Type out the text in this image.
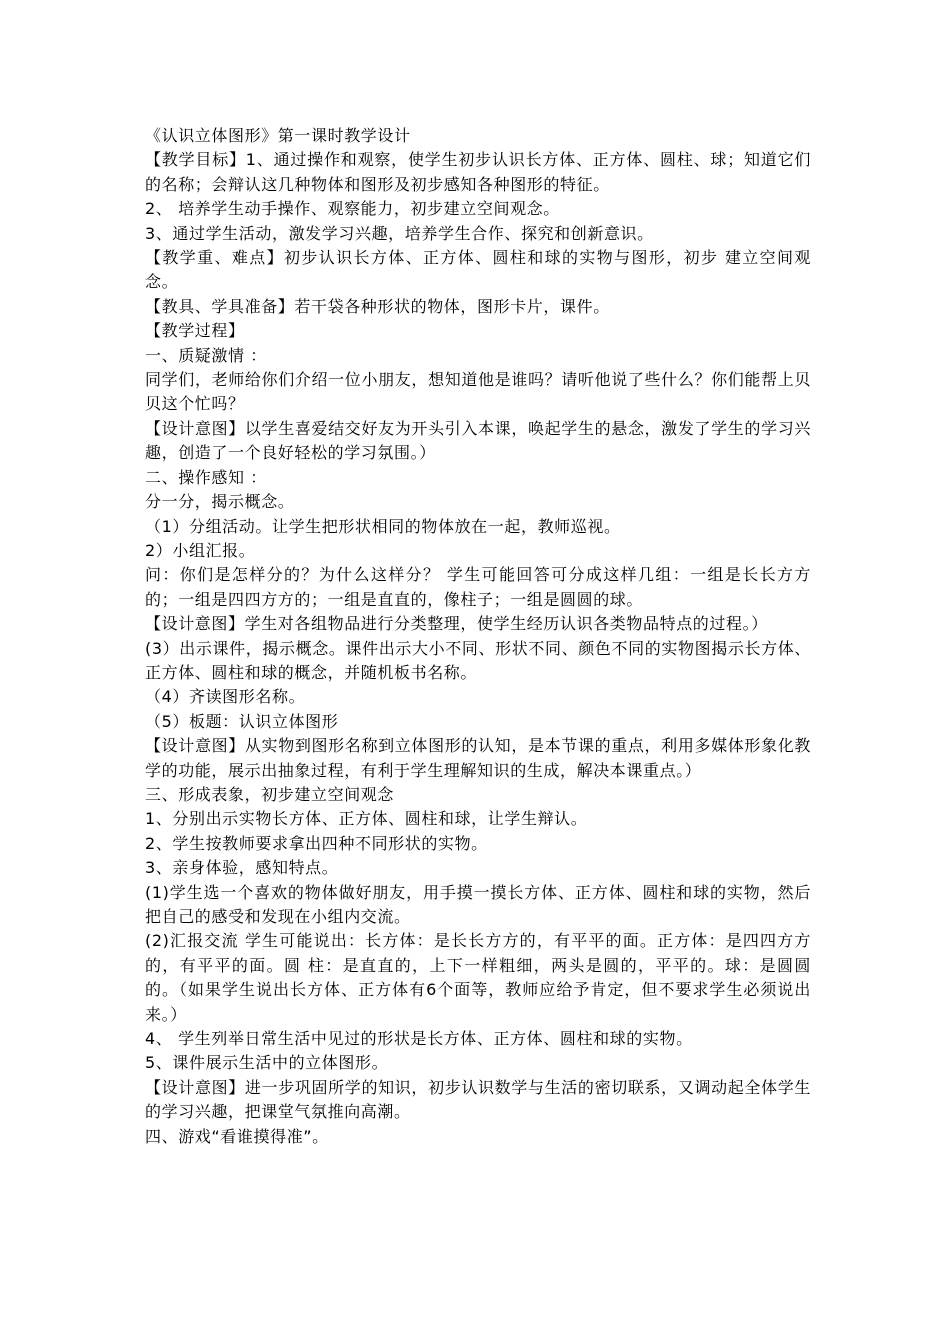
《认识立体图形》第一课时教学设计

【教学目标】1、通过操作和观察，使学生初步认识长方体、正方体、圆柱、球；知道它们的名称；会辩认这几种物体和图形及初步感知各种图形的特征。

2、 培养学生动手操作、观察能力，初步建立空间观念。

3、通过学生活动，激发学习兴趣，培养学生合作、探究和创新意识。

【教学重、难点】初步认识长方体、正方体、圆柱和球的实物与图形，初步 建立空间观念。

【教具、学具准备】若干袋各种形状的物体，图形卡片，课件。

【教学过程】

一、质疑激情 ：

同学们，老师给你们介绍一位小朋友，想知道他是谁吗？请听他说了些什么？你们能帮上贝贝这个忙吗？

【设计意图】以学生喜爱结交好友为开头引入本课，唤起学生的悬念，激发了学生的学习兴趣，创造了一个良好轻松的学习氛围。）

二、操作感知 ：

分一分，揭示概念。

（1）分组活动。让学生把形状相同的物体放在一起，教师巡视。

2）小组汇报。

问：你们是怎样分的？为什么这样分？ 学生可能回答可分成这样几组：一组是长长方方的；一组是四四方方的；一组是直直的，像柱子；一组是圆圆的球。

【设计意图】学生对各组物品进行分类整理，使学生经历认识各类物品特点的过程。）

(3）出示课件，揭示概念。课件出示大小不同、形状不同、颜色不同的实物图揭示长方体、正方体、圆柱和球的概念，并随机板书名称。

（4）齐读图形名称。

（5）板题：认识立体图形

【设计意图】从实物到图形名称到立体图形的认知，是本节课的重点，利用多媒体形象化教学的功能，展示出抽象过程，有利于学生理解知识的生成，解决本课重点。）

三、形成表象，初步建立空间观念

1、分别出示实物长方体、正方体、圆柱和球，让学生辩认。

2、学生按教师要求拿出四种不同形状的实物。

3、亲身体验，感知特点。

(1)学生选一个喜欢的物体做好朋友，用手摸一摸长方体、正方体、圆柱和球的实物，然后把自己的感受和发现在小组内交流。

(2)汇报交流 学生可能说出：长方体：是长长方方的，有平平的面。正方体：是四四方方的，有平平的面。圆 柱：是直直的，上下一样粗细，两头是圆的，平平的。球：是圆圆的。（如果学生说出长方体、正方体有6个面等，教师应给予肯定，但不要求学生必须说出来。）

4、 学生列举日常生活中见过的形状是长方体、正方体、圆柱和球的实物。

5、课件展示生活中的立体图形。

【设计意图】进一步巩固所学的知识，初步认识数学与生活的密切联系，又调动起全体学生的学习兴趣，把课堂气氛推向高潮。

四、游戏“看谁摸得准”。
